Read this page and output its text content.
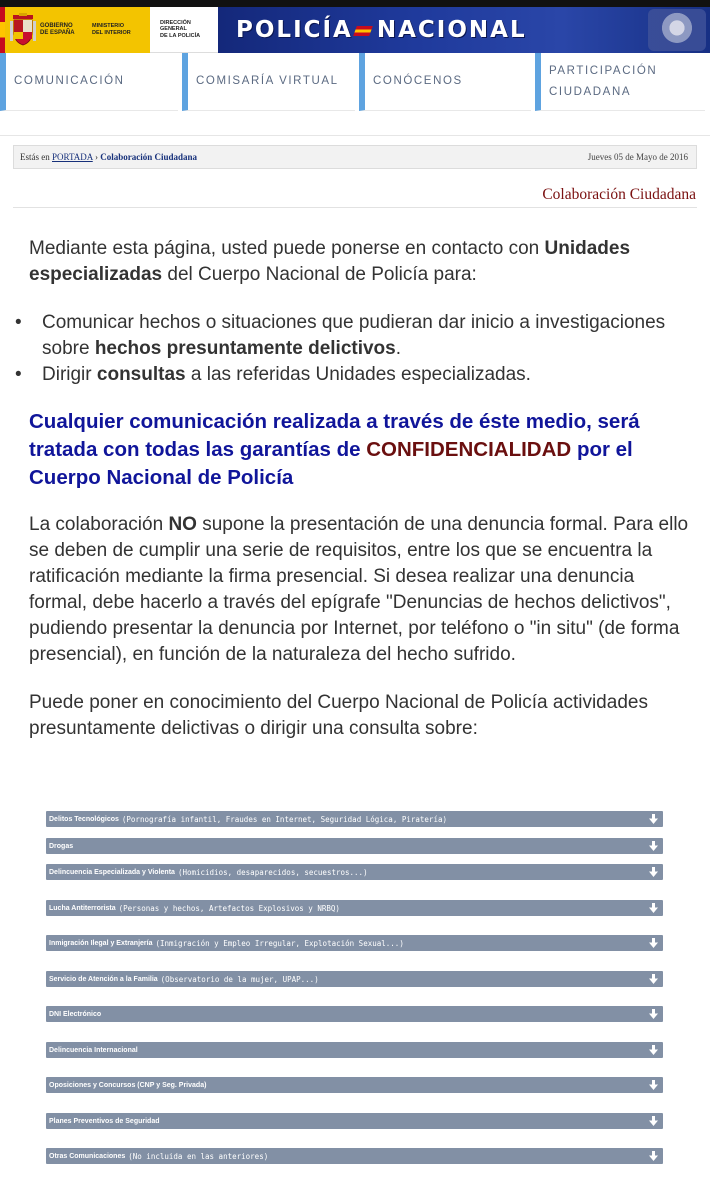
GOBIERNO
DE ESPAÑA
MINISTERIO
DEL INTERIOR
DIRECCIÓN GENERAL
DE LA POLICÍA	POLICÍA NACIONAL
COMUNICACIÓN	COMISARÍA VIRTUAL	CONÓCENOS
PARTICIPACIÓN
CIUDADANA
Estás en PORTADA › Colaboración Ciudadana	Jueves 05 de Mayo de 2016
Colaboración Ciudadana

Mediante esta página, usted puede ponerse en contacto con Unidades especializadas del Cuerpo Nacional de Policía para:

• Comunicar hechos o situaciones que pudieran dar inicio a investigaciones sobre hechos presuntamente delictivos.
• Dirigir consultas a las referidas Unidades especializadas.

Cualquier comunicación realizada a través de éste medio, será tratada con todas las garantías de CONFIDENCIALIDAD por el Cuerpo Nacional de Policía

La colaboración NO supone la presentación de una denuncia formal. Para ello se deben de cumplir una serie de requisitos, entre los que se encuentra la ratificación mediante la firma presencial. Si desea realizar una denuncia formal, debe hacerlo a través del epígrafe "Denuncias de hechos delictivos", pudiendo presentar la denuncia por Internet, por teléfono o "in situ" (de forma presencial), en función de la naturaleza del hecho sufrido.

Puede poner en conocimiento del Cuerpo Nacional de Policía actividades presuntamente delictivas o dirigir una consulta sobre:

Delitos Tecnológicos (Pornografía infantil, Fraudes en Internet, Seguridad Lógica, Piratería)
Drogas
Delincuencia Especializada y Violenta (Homicidios, desaparecidos, secuestros...)
Lucha Antiterrorista (Personas y hechos, Artefactos Explosivos y NRBQ)
Inmigración Ilegal y Extranjería (Inmigración y Empleo Irregular, Explotación Sexual...)
Servicio de Atención a la Familia (Observatorio de la mujer, UPAP...)
DNI Electrónico
Delincuencia Internacional
Oposiciones y Concursos (CNP y Seg. Privada)
Planes Preventivos de Seguridad
Otras Comunicaciones (No incluida en las anteriores)
